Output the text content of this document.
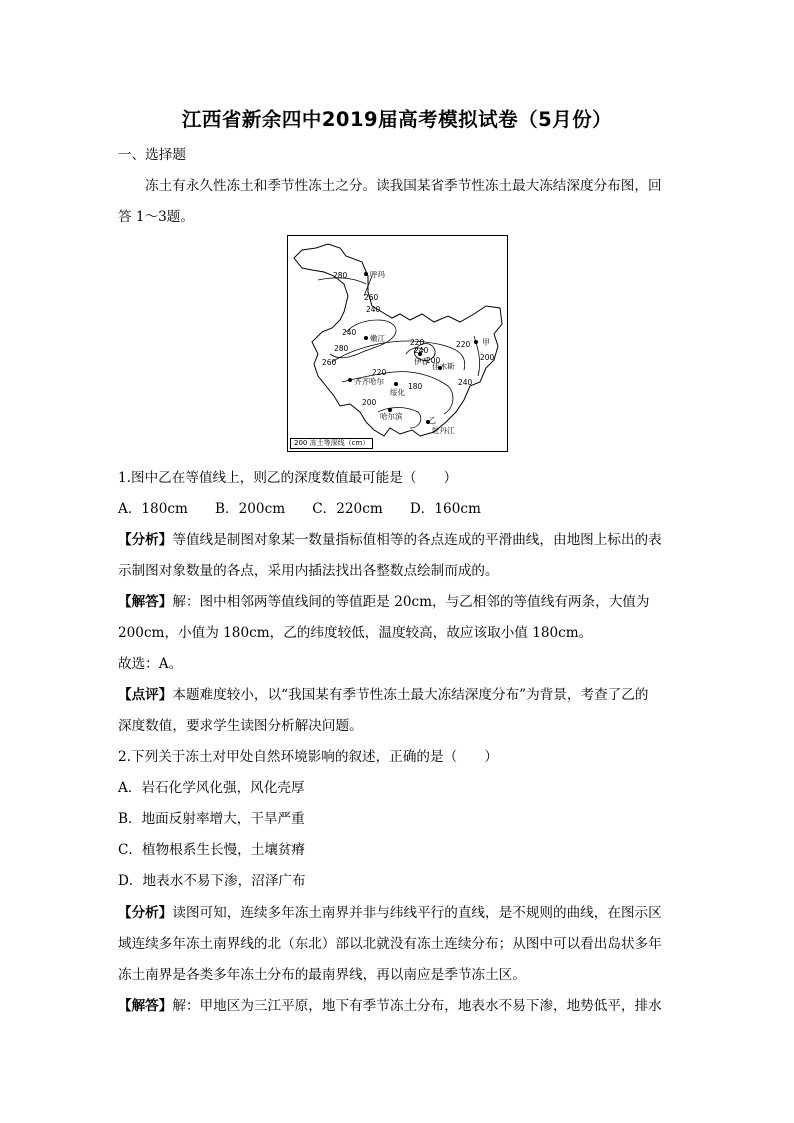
江西省新余四中2019届高考模拟试卷（5月份）
一、选择题
冻土有永久性冻土和季节性冻土之分。读我国某省季节性冻土最大冻结深度分布图，回
答 1～3题。
280
260
240
240
280
260
220
240
220
200
220
200
240
180
200
呼玛
嫩江
齐齐哈尔
绥化
哈尔滨
伊春
佳木斯
牡丹江
甲
乙
200 冻土等深线（cm）
1.图中乙在等值线上，则乙的深度数值最可能是（　　）
A．180cm　　B．200cm　　C．220cm　　D．160cm
【分析】等值线是制图对象某一数量指标值相等的各点连成的平滑曲线，由地图上标出的表
示制图对象数量的各点，采用内插法找出各整数点绘制而成的。
【解答】解：图中相邻两等值线间的等值距是 20cm，与乙相邻的等值线有两条，大值为
200cm，小值为 180cm，乙的纬度较低，温度较高，故应该取小值 180cm。
故选：A。
【点评】本题难度较小，以“我国某有季节性冻土最大冻结深度分布”为背景，考查了乙的
深度数值，要求学生读图分析解决问题。
2.下列关于冻土对甲处自然环境影响的叙述，正确的是（　　）
A．岩石化学风化强，风化壳厚
B．地面反射率增大，干旱严重
C．植物根系生长慢，土壤贫瘠
D．地表水不易下渗，沼泽广布
【分析】读图可知，连续多年冻土南界并非与纬线平行的直线，是不规则的曲线，在图示区
域连续多年冻土南界线的北（东北）部以北就没有冻土连续分布；从图中可以看出岛状多年
冻土南界是各类多年冻土分布的最南界线，再以南应是季节冻土区。
【解答】解：甲地区为三江平原，地下有季节冻土分布，地表水不易下渗，地势低平，排水
